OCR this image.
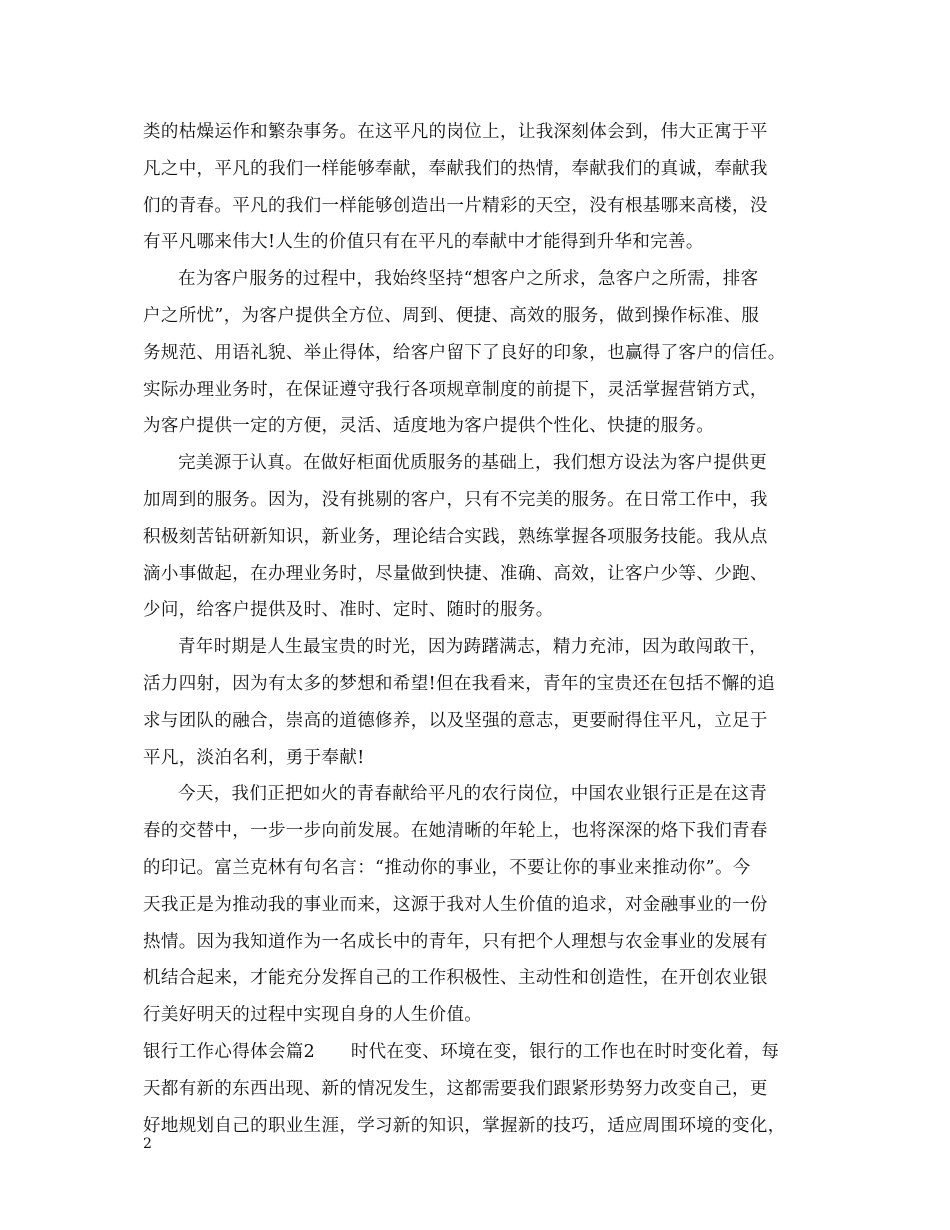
类的枯燥运作和繁杂事务。在这平凡的岗位上，让我深刻体会到，伟大正寓于平
凡之中，平凡的我们一样能够奉献，奉献我们的热情，奉献我们的真诚，奉献我
们的青春。平凡的我们一样能够创造出一片精彩的天空，没有根基哪来高楼，没
有平凡哪来伟大!人生的价值只有在平凡的奉献中才能得到升华和完善。
在为客户服务的过程中，我始终坚持“想客户之所求，急客户之所需，排客
户之所忧”，为客户提供全方位、周到、便捷、高效的服务，做到操作标准、服
务规范、用语礼貌、举止得体，给客户留下了良好的印象，也赢得了客户的信任。
实际办理业务时，在保证遵守我行各项规章制度的前提下，灵活掌握营销方式，
为客户提供一定的方便，灵活、适度地为客户提供个性化、快捷的服务。
完美源于认真。在做好柜面优质服务的基础上，我们想方设法为客户提供更
加周到的服务。因为，没有挑剔的客户，只有不完美的服务。在日常工作中，我
积极刻苦钻研新知识，新业务，理论结合实践，熟练掌握各项服务技能。我从点
滴小事做起，在办理业务时，尽量做到快捷、准确、高效，让客户少等、少跑、
少问，给客户提供及时、准时、定时、随时的服务。
青年时期是人生最宝贵的时光，因为踌躇满志，精力充沛，因为敢闯敢干，
活力四射，因为有太多的梦想和希望!但在我看来，青年的宝贵还在包括不懈的追
求与团队的融合，崇高的道德修养，以及坚强的意志，更要耐得住平凡，立足于
平凡，淡泊名利，勇于奉献!
今天，我们正把如火的青春献给平凡的农行岗位，中国农业银行正是在这青
春的交替中，一步一步向前发展。在她清晰的年轮上，也将深深的烙下我们青春
的印记。富兰克林有句名言：“推动你的事业，不要让你的事业来推动你”。今
天我正是为推动我的事业而来，这源于我对人生价值的追求，对金融事业的一份
热情。因为我知道作为一名成长中的青年，只有把个人理想与农金事业的发展有
机结合起来，才能充分发挥自己的工作积极性、主动性和创造性，在开创农业银
行美好明天的过程中实现自身的人生价值。
银行工作心得体会篇2　　时代在变、环境在变，银行的工作也在时时变化着，每
天都有新的东西出现、新的情况发生，这都需要我们跟紧形势努力改变自己，更
好地规划自己的职业生涯，学习新的知识，掌握新的技巧，适应周围环境的变化，
2
